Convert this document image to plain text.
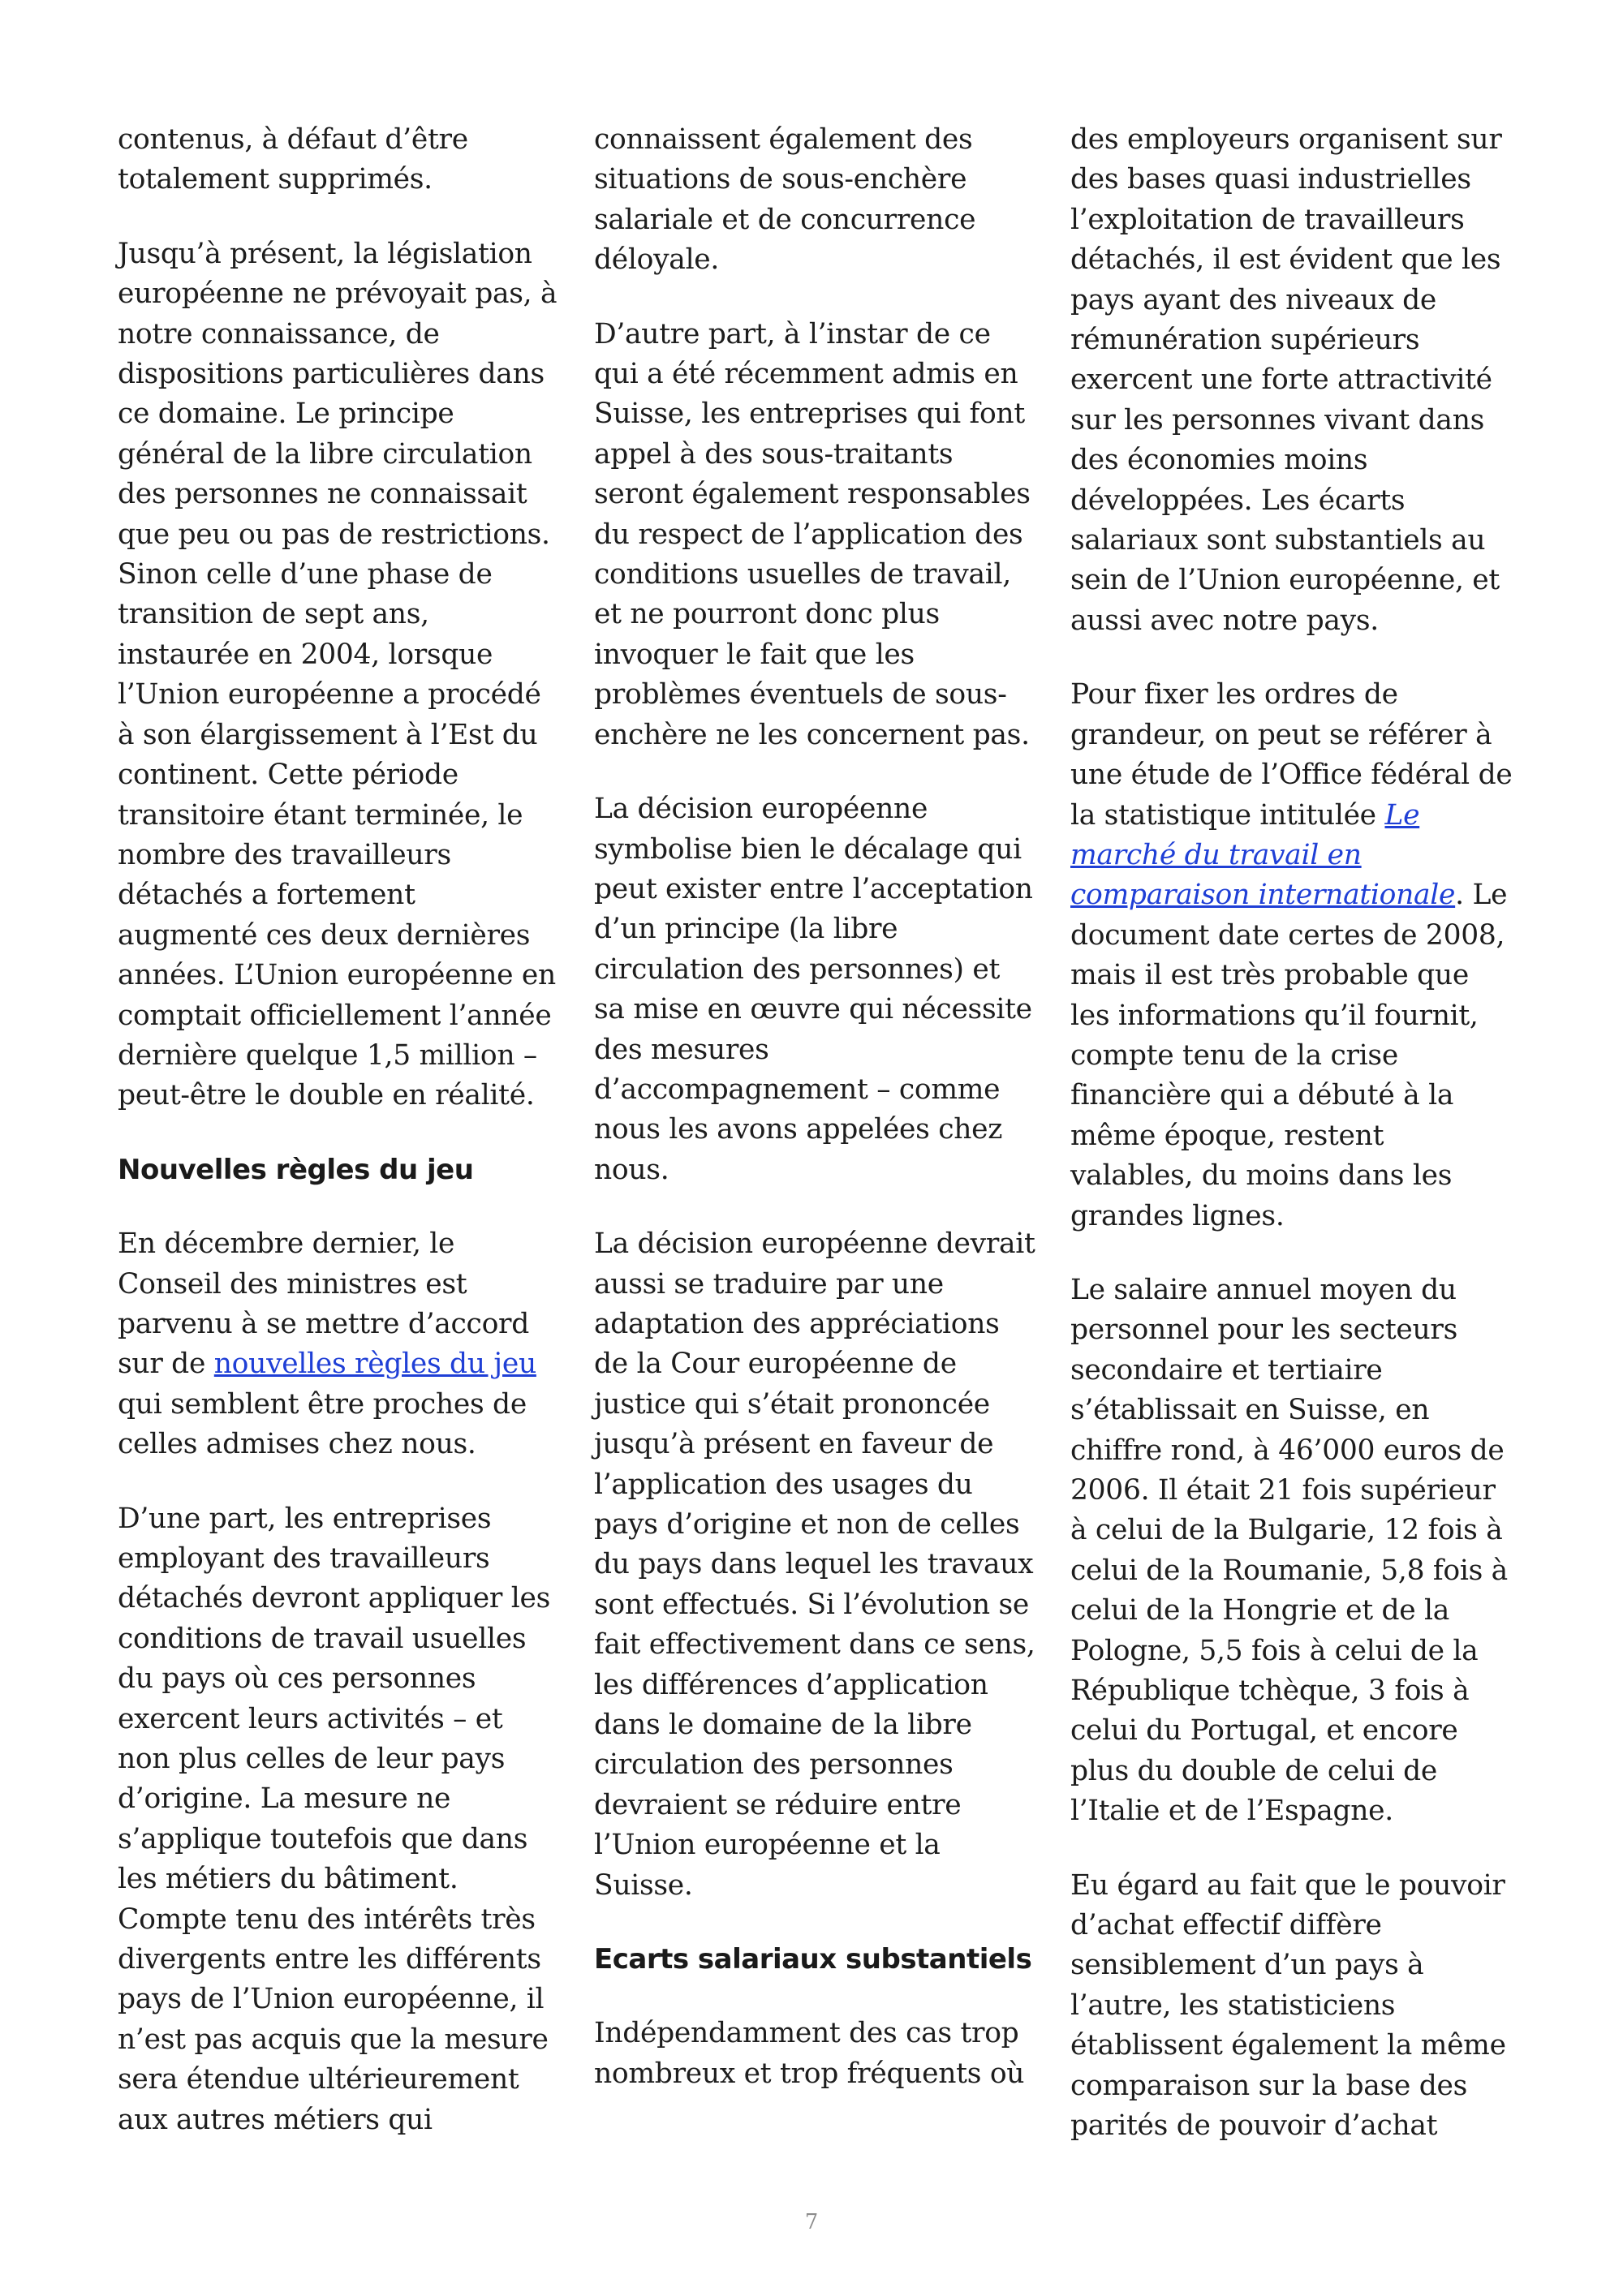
contenus, à défaut d’être totalement supprimés.

Jusqu’à présent, la législation européenne ne prévoyait pas, à notre connaissance, de dispositions particulières dans ce domaine. Le principe général de la libre circulation des personnes ne connaissait que peu ou pas de restrictions. Sinon celle d’une phase de transition de sept ans, instaurée en 2004, lorsque l’Union européenne a procédé à son élargissement à l’Est du continent. Cette période transitoire étant terminée, le nombre des travailleurs détachés a fortement augmenté ces deux dernières années. L’Union européenne en comptait officiellement l’année dernière quelque 1,5 million – peut-être le double en réalité.

Nouvelles règles du jeu

En décembre dernier, le Conseil des ministres est parvenu à se mettre d’accord sur de nouvelles règles du jeu qui semblent être proches de celles admises chez nous.

D’une part, les entreprises employant des travailleurs détachés devront appliquer les conditions de travail usuelles du pays où ces personnes exercent leurs activités – et non plus celles de leur pays d’origine. La mesure ne s’applique toutefois que dans les métiers du bâtiment. Compte tenu des intérêts très divergents entre les différents pays de l’Union européenne, il n’est pas acquis que la mesure sera étendue ultérieurement aux autres métiers qui

connaissent également des situations de sous-enchère salariale et de concurrence déloyale.

D’autre part, à l’instar de ce qui a été récemment admis en Suisse, les entreprises qui font appel à des sous-traitants seront également responsables du respect de l’application des conditions usuelles de travail, et ne pourront donc plus invoquer le fait que les problèmes éventuels de sous-enchère ne les concernent pas.

La décision européenne symbolise bien le décalage qui peut exister entre l’acceptation d’un principe (la libre circulation des personnes) et sa mise en œuvre qui nécessite des mesures d’accompagnement – comme nous les avons appelées chez nous.

La décision européenne devrait aussi se traduire par une adaptation des appréciations de la Cour européenne de justice qui s’était prononcée jusqu’à présent en faveur de l’application des usages du pays d’origine et non de celles du pays dans lequel les travaux sont effectués. Si l’évolution se fait effectivement dans ce sens, les différences d’application dans le domaine de la libre circulation des personnes devraient se réduire entre l’Union européenne et la Suisse.

Ecarts salariaux substantiels

Indépendamment des cas trop nombreux et trop fréquents où

des employeurs organisent sur des bases quasi industrielles l’exploitation de travailleurs détachés, il est évident que les pays ayant des niveaux de rémunération supérieurs exercent une forte attractivité sur les personnes vivant dans des économies moins développées. Les écarts salariaux sont substantiels au sein de l’Union européenne, et aussi avec notre pays.

Pour fixer les ordres de grandeur, on peut se référer à une étude de l’Office fédéral de la statistique intitulée Le marché du travail en comparaison internationale. Le document date certes de 2008, mais il est très probable que les informations qu’il fournit, compte tenu de la crise financière qui a débuté à la même époque, restent valables, du moins dans les grandes lignes.

Le salaire annuel moyen du personnel pour les secteurs secondaire et tertiaire s’établissait en Suisse, en chiffre rond, à 46’000 euros de 2006. Il était 21 fois supérieur à celui de la Bulgarie, 12 fois à celui de la Roumanie, 5,8 fois à celui de la Hongrie et de la Pologne, 5,5 fois à celui de la République tchèque, 3 fois à celui du Portugal, et encore plus du double de celui de l’Italie et de l’Espagne.

Eu égard au fait que le pouvoir d’achat effectif diffère sensiblement d’un pays à l’autre, les statisticiens établissent également la même comparaison sur la base des parités de pouvoir d’achat

7
